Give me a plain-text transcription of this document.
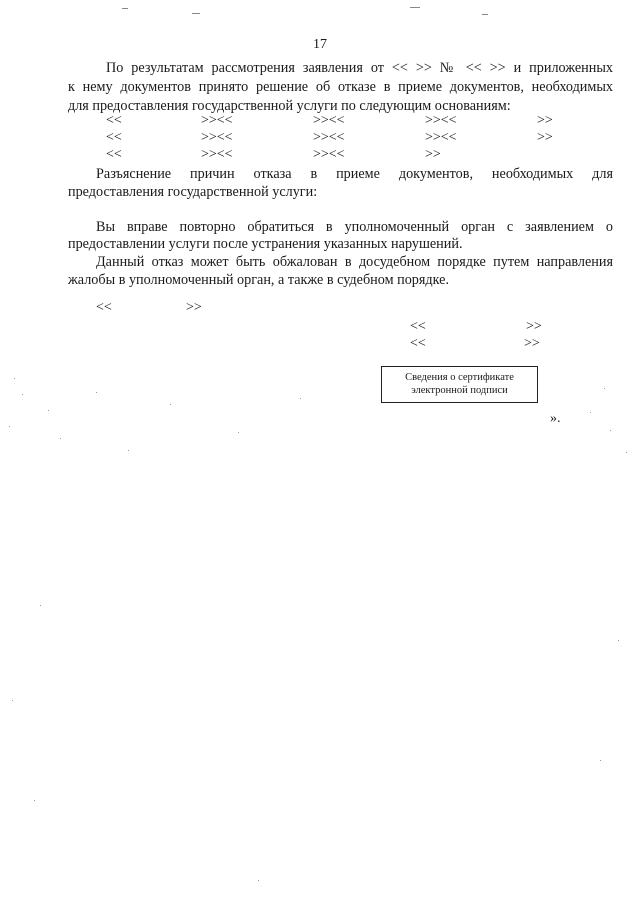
17
По результатам рассмотрения заявления от << >> № << >> и приложенных
к нему документов принято решение об отказе в приеме документов, необходимых
для предоставления государственной услуги по следующим основаниям:
<<	>><<	>><<	>><<	>>
<<	>><<	>><<	>><<	>>
<<	>><<	>><<	>>
Разъяснение причин отказа в приеме документов, необходимых для
предоставления государственной услуги:
Вы вправе повторно обратиться в уполномоченный орган с заявлением о
предоставлении услуги после устранения указанных нарушений.
Данный отказ может быть обжалован в досудебном порядке путем направления
жалобы в уполномоченный орган, а также в судебном порядке.
<<	>>
<<	>>
<<	>>
Сведения о сертификате
электронной подписи
».
